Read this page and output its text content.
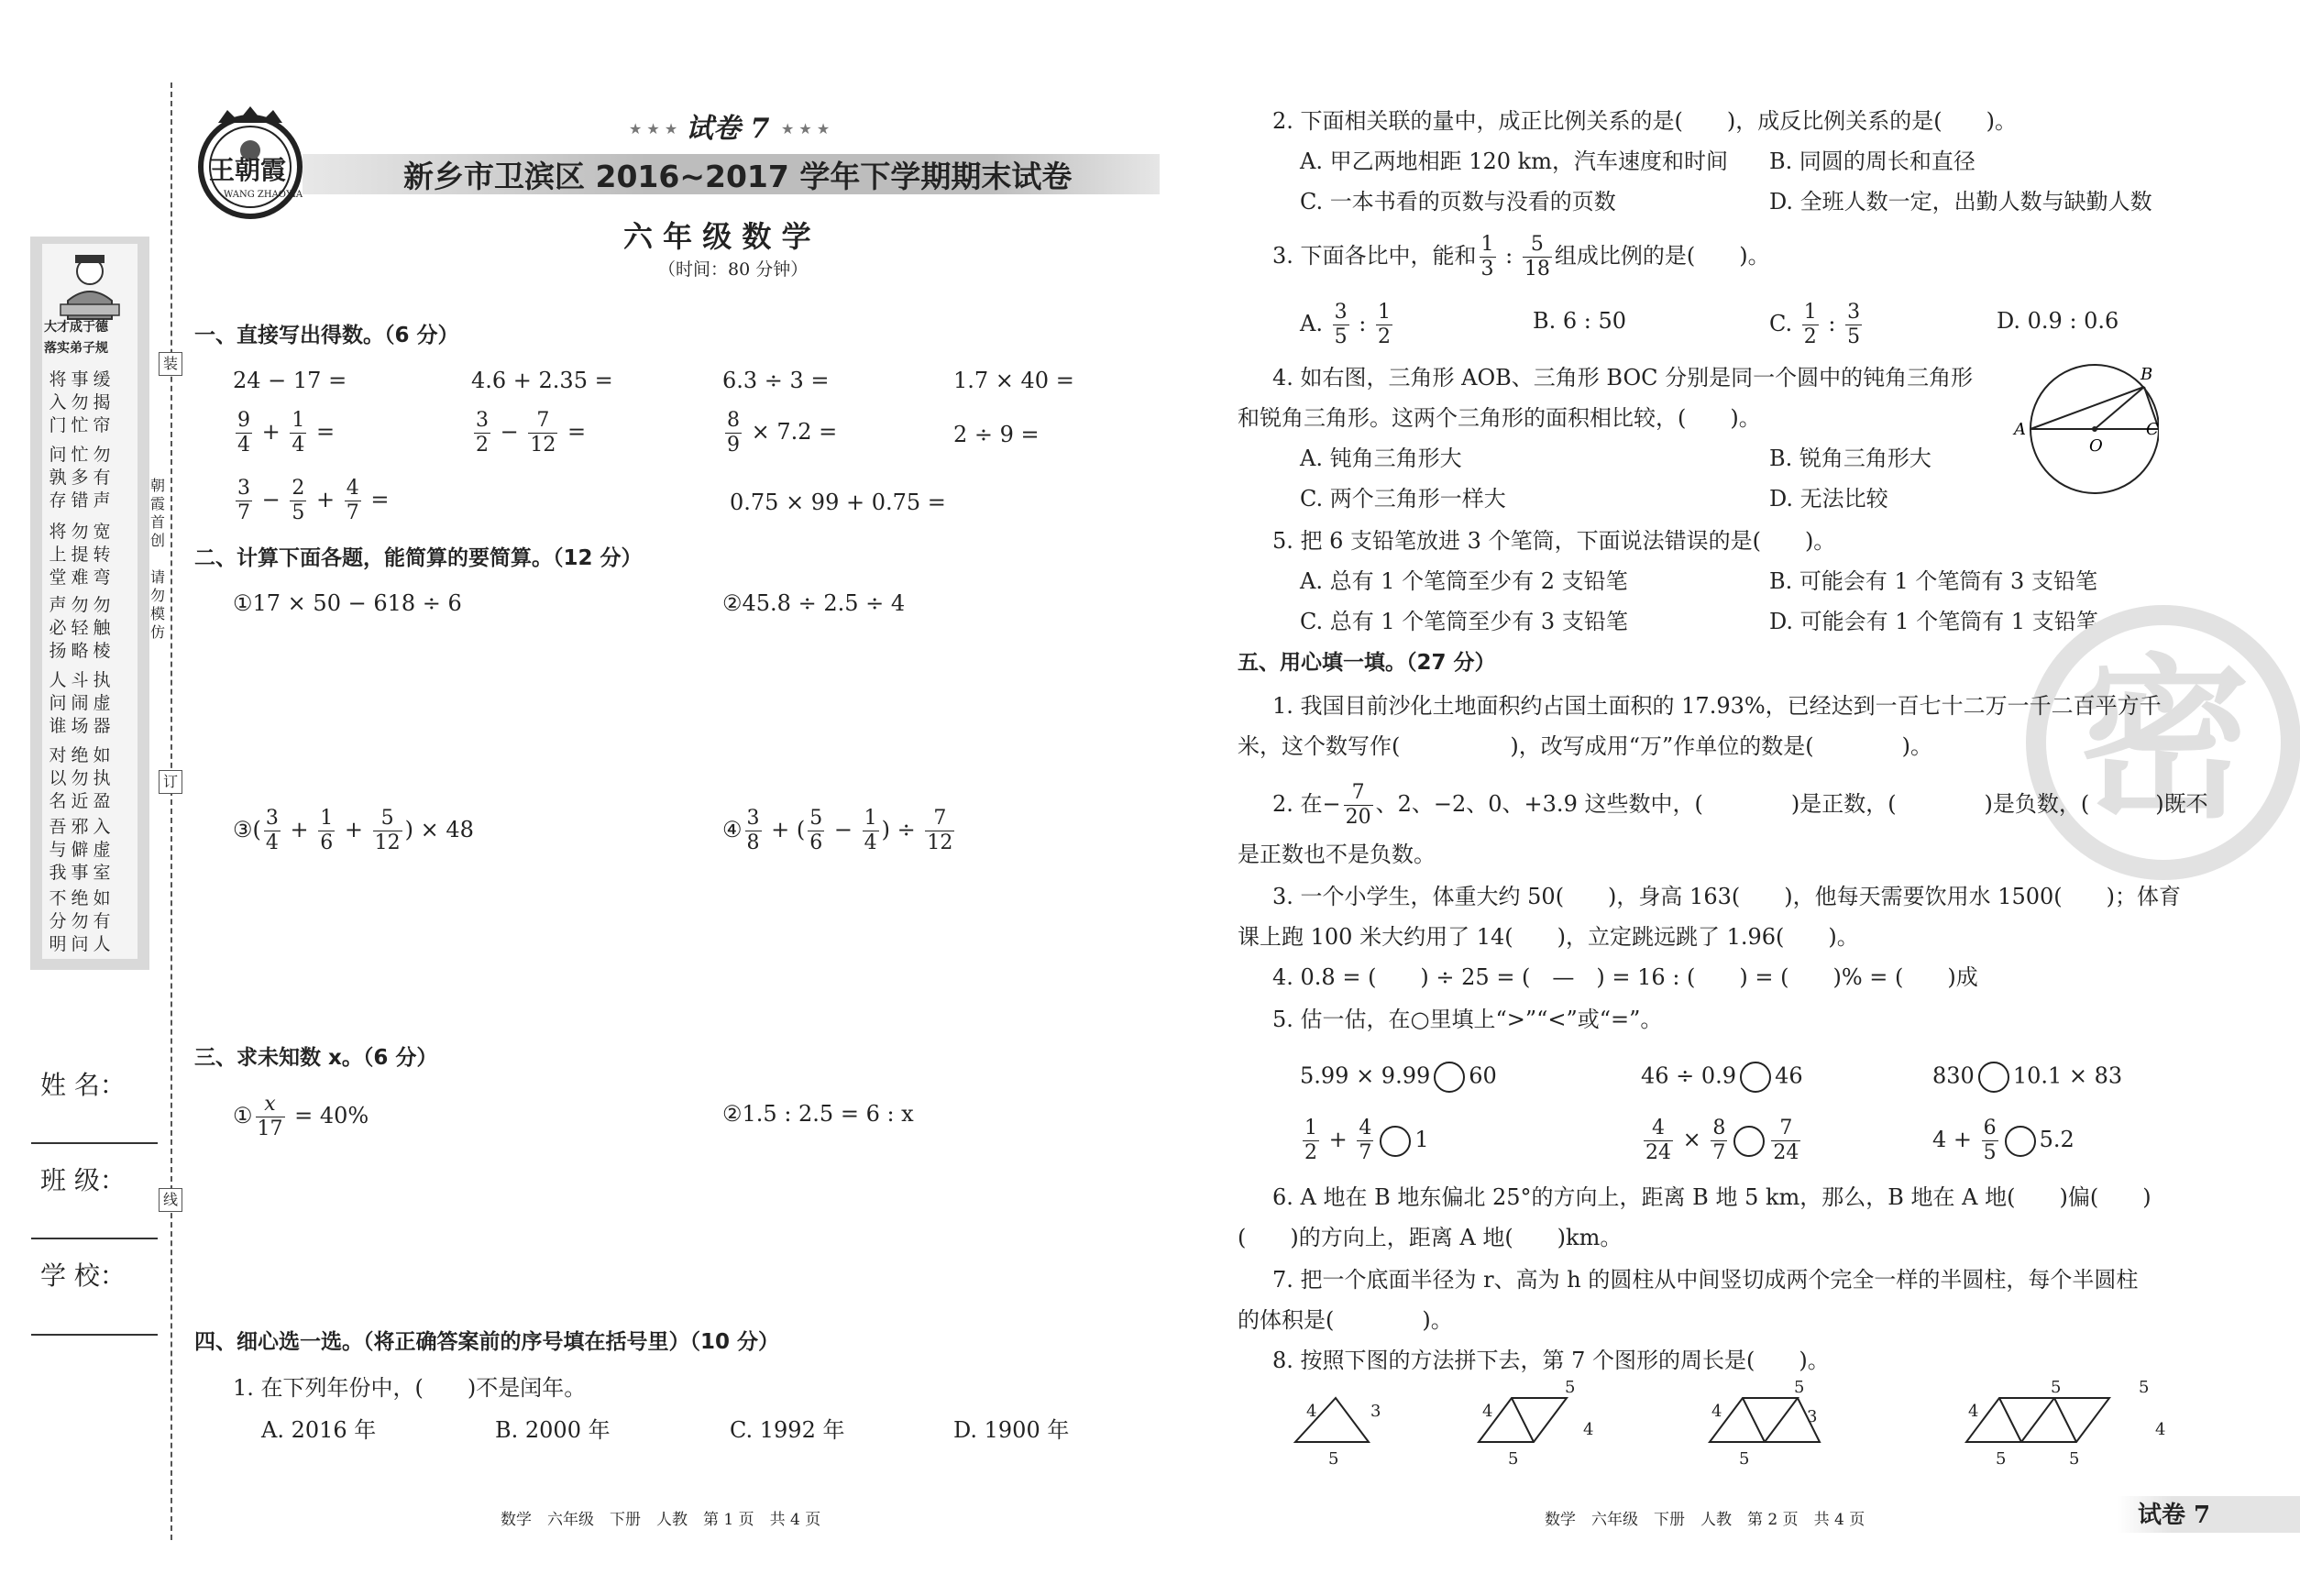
大才成于德
落实弟子规
将入门
事勿忙
缓揭帘
问孰存
忙多错
勿有声
将上堂
勿提难
宽转弯
声必扬
勿轻略
勿触棱
人问谁
斗闹场
执虚器
对以名
绝勿近
如执盈
吾与我
邪僻事
入虚室
不分明
绝勿问
如有人
姓 名：
班 级：
学 校：
装
订
线
朝霞首创
请勿模仿
王朝霞
WANG ZHAOXIA
★ ★ ★ 试卷 7 ★ ★ ★
新乡市卫滨区 2016~2017 学年下学期期末试卷
六 年 级 数 学
（时间：80 分钟）
一、直接写出得数。（6 分）
24 − 17 =	4.6 + 2.35 =	6.3 ÷ 3 =	1.7 × 40 =
$\frac{9}{4} + \frac{1}{4}$ =	$\frac{3}{2} - \frac{7}{12}$ =	$\frac{8}{9} \times 7.2$ =	2 ÷ 9 =
$\frac{3}{7} - \frac{2}{5} + \frac{4}{7}$ =	0.75 × 99 + 0.75 =
二、计算下面各题，能简算的要简算。（12 分）
①17 × 50 − 618 ÷ 6	②45.8 ÷ 2.5 ÷ 4
③( $\frac{3}{4} + \frac{1}{6} + \frac{5}{12}$ ) × 48	④ $\frac{3}{8}$ + ( $\frac{5}{6} - \frac{1}{4}$ ) ÷ $\frac{7}{12}$
三、求未知数 x。（6 分）
① $\frac{x}{17} = 40\%$	②1.5 : 2.5 = 6 : x
四、细心选一选。（将正确答案前的序号填在括号里）（10 分）
1. 在下列年份中，(　　)不是闰年。
A. 2016 年	B. 2000 年	C. 1992 年	D. 1900 年
数学　六年级　下册　人教　第 1 页　共 4 页
2. 下面相关联的量中，成正比例关系的是(　　)，成反比例关系的是(　　)。
A. 甲乙两地相距 120 km，汽车速度和时间 B. 同圆的周长和直径
C. 一本书看的页数与没看的页数	D. 全班人数一定，出勤人数与缺勤人数
3. 下面各比中，能和 $\frac{1}{3}$ : $\frac{5}{18}$ 组成比例的是(　　)。
A. $\frac{3}{5}$ : $\frac{1}{2}$	B. 6 : 50	C. $\frac{1}{2}$ : $\frac{3}{5}$	D. 0.9 : 0.6
4. 如右图，三角形 AOB、三角形 BOC 分别是同一个圆中的钝角三角形
和锐角三角形。这两个三角形的面积相比较，(　　)。
A. 钝角三角形大	B. 锐角三角形大
C. 两个三角形一样大	D. 无法比较
A
B
C
O
5. 把 6 支铅笔放进 3 个笔筒，下面说法错误的是(　　)。
A. 总有 1 个笔筒至少有 2 支铅笔	B. 可能会有 1 个笔筒有 3 支铅笔
C. 总有 1 个笔筒至少有 3 支铅笔	D. 可能会有 1 个笔筒有 1 支铅笔
密
五、用心填一填。（27 分）
1. 我国目前沙化土地面积约占国土面积的 17.93%，已经达到一百七十二万一千二百平方千
米，这个数写作(　　　　　)，改写成用“万”作单位的数是(　　　　)。
2. 在− $\frac{7}{20}$ 、2、−2、0、+3.9 这些数中，(　　　　)是正数，(　　　　)是负数，(　　　)既不
是正数也不是负数。
3. 一个小学生，体重大约 50(　　)，身高 163(　　)，他每天需要饮用水 1500(　　)；体育
课上跑 100 米大约用了 14(　　)，立定跳远跳了 1.96(　　)。
4. 0.8 = (　　) ÷ 25 = (　—　) = 16 : (　　) = (　　)% = (　　)成
5. 估一估，在○里填上“>”“<”或“=”。
5.99 × 9.99 60	46 ÷ 0.9 46	830 10.1 × 83
$\frac{1}{2} + \frac{4}{7} 1$	$\frac{4}{24} \times \frac{8}{7} \frac{7}{24}$	$4 + \frac{6}{5} 5.2$
6. A 地在 B 地东偏北 25°的方向上，距离 B 地 5 km，那么，B 地在 A 地(　　)偏(　　)
(　　)的方向上，距离 A 地(　　)km。
7. 把一个底面半径为 r、高为 h 的圆柱从中间竖切成两个完全一样的半圆柱，每个半圆柱
的体积是(　　　　)。
8. 按照下图的方法拼下去，第 7 个图形的周长是(　　)。
4	3
5
4
5
4
5
4
5
5
3	4
5	5
4
5	5
数学　六年级　下册　人教　第 2 页　共 4 页	试卷 7
